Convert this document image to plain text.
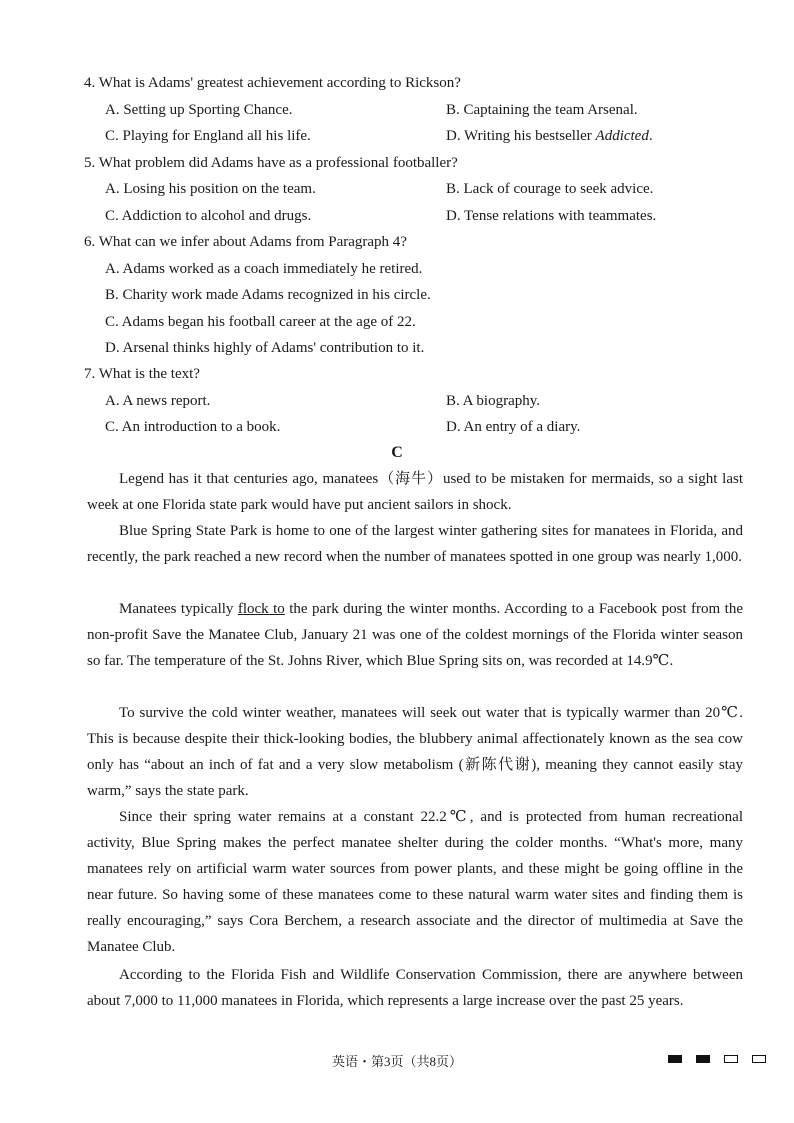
4. What is Adams' greatest achievement according to Rickson?
A. Setting up Sporting Chance.	B. Captaining the team Arsenal.
C. Playing for England all his life.	D. Writing his bestseller Addicted.
5. What problem did Adams have as a professional footballer?
A. Losing his position on the team.	B. Lack of courage to seek advice.
C. Addiction to alcohol and drugs.	D. Tense relations with teammates.
6. What can we infer about Adams from Paragraph 4?
A. Adams worked as a coach immediately he retired.
B. Charity work made Adams recognized in his circle.
C. Adams began his football career at the age of 22.
D. Arsenal thinks highly of Adams' contribution to it.
7. What is the text?
A. A news report.	B. A biography.
C. An introduction to a book.	D. An entry of a diary.
C

Legend has it that centuries ago, manatees（海牛）used to be mistaken for mermaids, so a sight last week at one Florida state park would have put ancient sailors in shock.

Blue Spring State Park is home to one of the largest winter gathering sites for manatees in Florida, and recently, the park reached a new record when the number of manatees spotted in one group was nearly 1,000.

Manatees typically flock to the park during the winter months. According to a Facebook post from the non-profit Save the Manatee Club, January 21 was one of the coldest mornings of the Florida winter season so far. The temperature of the St. Johns River, which Blue Spring sits on, was recorded at 14.9℃.

To survive the cold winter weather, manatees will seek out water that is typically warmer than 20℃. This is because despite their thick-looking bodies, the blubbery animal affectionately known as the sea cow only has “about an inch of fat and a very slow metabolism (新陈代谢), meaning they cannot easily stay warm,” says the state park.

Since their spring water remains at a constant 22.2℃, and is protected from human recreational activity, Blue Spring makes the perfect manatee shelter during the colder months. “What's more, many manatees rely on artificial warm water sources from power plants, and these might be going offline in the near future. So having some of these manatees come to these natural warm water sites and finding them is really encouraging,” says Cora Berchem, a research associate and the director of multimedia at Save the Manatee Club.

According to the Florida Fish and Wildlife Conservation Commission, there are anywhere between about 7,000 to 11,000 manatees in Florida, which represents a large increase over the past 25 years.

英语・第3页（共8页）
